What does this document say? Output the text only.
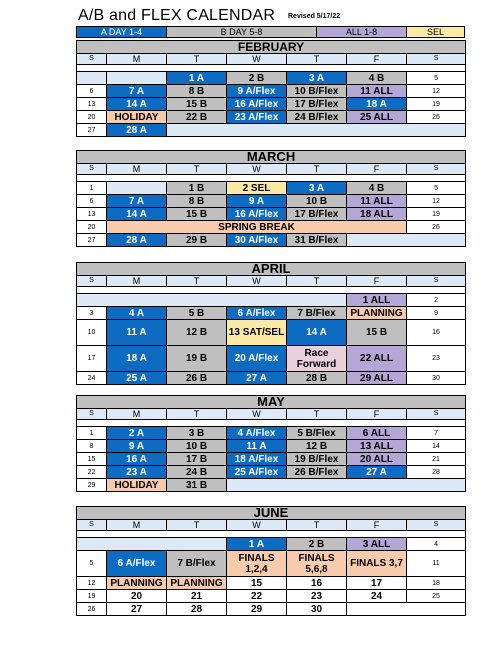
A/B and FLEX CALENDAR Revised 5/17/22
A DAY 1-4	B DAY 5-8	ALL 1-8	SEL
FEBRUARY						
S	M	T	W	T	F	S

		1 A	2 B	3 A	4 B	5
6	7 A	8 B	9 A/Flex	10 B/Flex	11 ALL	12
13	14 A	15 B	16 A/Flex	17 B/Flex	18 A	19
20	HOLIDAY	22 B	23 A/Flex	24 B/Flex	25 ALL	26
27	28 A					
MARCH						
S	M	T	W	T	F	S

1		1 B	2 SEL	3 A	4 B	5
6	7 A	8 B	9 A	10 B	11 ALL	12
13	14 A	15 B	16 A/Flex	17 B/Flex	18 ALL	19
20	SPRING BREAK					26
27	28 A	29 B	30 A/Flex	31 B/Flex		
APRIL						
S	M	T	W	T	F	S

					1 ALL	2
3	4 A	5 B	6 A/Flex	7 B/Flex	PLANNING	9
10	11 A	12 B	13 SAT/SEL	14 A	15 B	16
17	18 A	19 B	20 A/Flex	Race Forward	22 ALL	23
24	25 A	26 B	27 A	28 B	29 ALL	30
MAY						
S	M	T	W	T	F	S

1	2 A	3 B	4 A/Flex	5 B/Flex	6 ALL	7
8	9 A	10 B	11 A	12 B	13 ALL	14
15	16 A	17 B	18 A/Flex	19 B/Flex	20 ALL	21
22	23 A	24 B	25 A/Flex	26 B/Flex	27 A	28
29	HOLIDAY	31 B				
JUNE						
S	M	T	W	T	F	S

			1 A	2 B	3 ALL	4
5	6 A/Flex	7 B/Flex	FINALS 1,2,4	FINALS 5,6,8	FINALS 3,7	11
12	PLANNING	PLANNING	15	16	17	18
19	20	21	22	23	24	25
26	27	28	29	30		
